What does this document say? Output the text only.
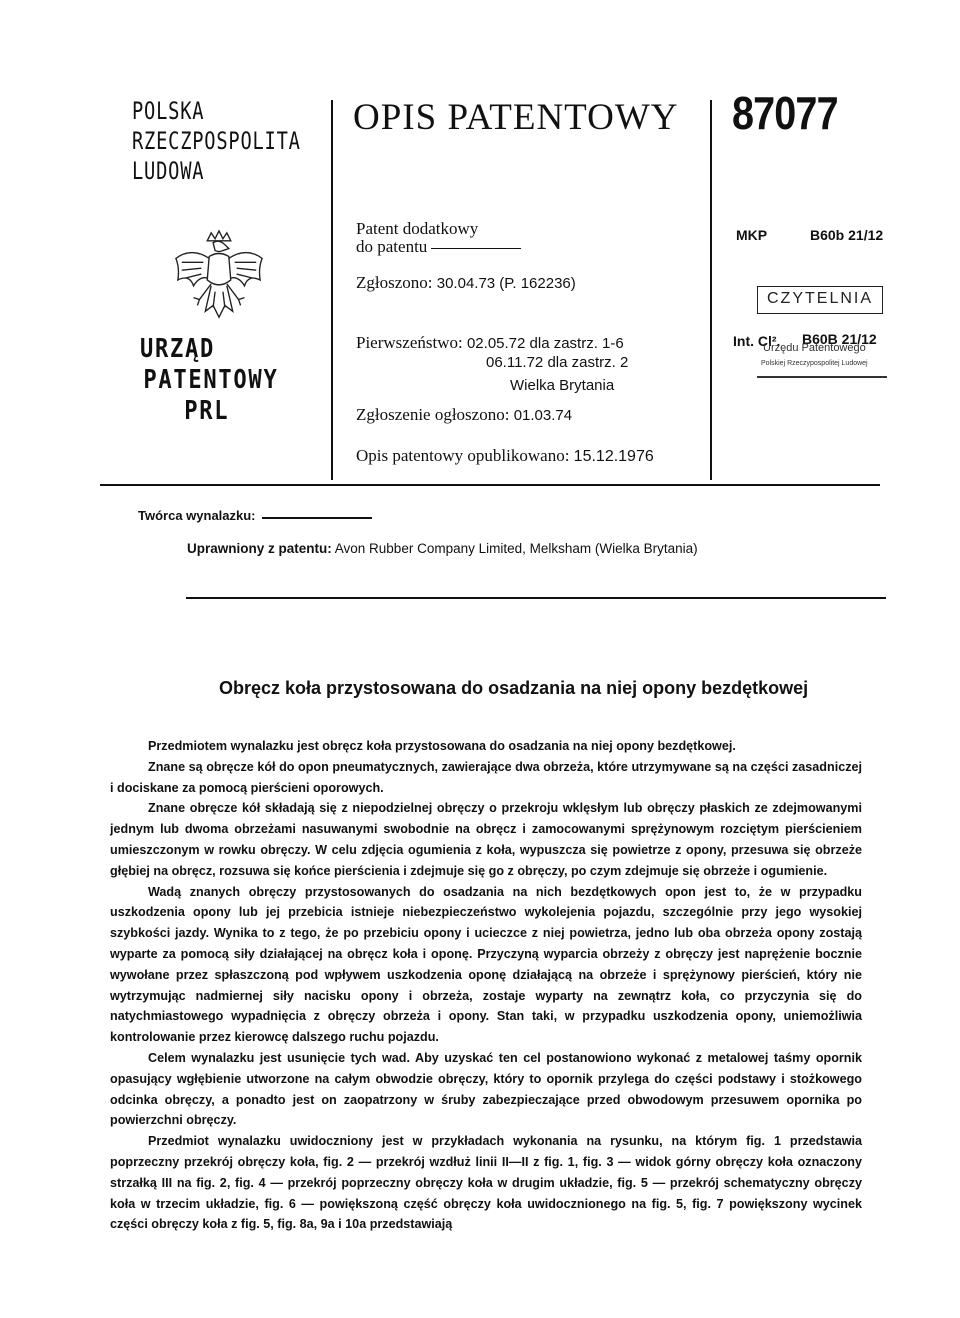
POLSKA
RZECZPOSPOLITA
LUDOWA
URZĄD
PATENTOWY
PRL
OPIS PATENTOWY
Patent dodatkowy
do patentu
Zgłoszono: 30.04.73 (P. 162236)
Pierwszeństwo: 02.05.72 dla zastrz. 1-6
06.11.72 dla zastrz. 2
Wielka Brytania
Zgłoszenie ogłoszono: 01.03.74
Opis patentowy opublikowano: 15.12.1976
87077
MKP	B60b 21/12
Int. Cl². B60B 21/12
CZYTELNIA
Urzędu Patentowego
Polskiej Rzeczypospolitej Ludowej
Twórca wynalazku:
Uprawniony z patentu: Avon Rubber Company Limited, Melksham (Wielka Brytania)
Obręcz koła przystosowana do osadzania na niej opony bezdętkowej

Przedmiotem wynalazku jest obręcz koła przystosowana do osadzania na niej opony bezdętkowej.

Znane są obręcze kół do opon pneumatycznych, zawierające dwa obrzeża, które utrzymywane są na części zasadniczej i dociskane za pomocą pierścieni oporowych.

Znane obręcze kół składają się z niepodzielnej obręczy o przekroju wklęsłym lub obręczy płaskich ze zdejmowanymi jednym lub dwoma obrzeżami nasuwanymi swobodnie na obręcz i zamocowanymi sprężynowym rozciętym pierścieniem umieszczonym w rowku obręczy. W celu zdjęcia ogumienia z koła, wypuszcza się powietrze z opony, przesuwa się obrzeże głębiej na obręcz, rozsuwa się końce pierścienia i zdejmuje się go z obręczy, po czym zdejmuje się obrzeże i ogumienie.

Wadą znanych obręczy przystosowanych do osadzania na nich bezdętkowych opon jest to, że w przypadku uszkodzenia opony lub jej przebicia istnieje niebezpieczeństwo wykolejenia pojazdu, szczególnie przy jego wysokiej szybkości jazdy. Wynika to z tego, że po przebiciu opony i ucieczce z niej powietrza, jedno lub oba obrzeża opony zostają wyparte za pomocą siły działającej na obręcz koła i oponę. Przyczyną wyparcia obrzeży z obręczy jest naprężenie bocznie wywołane przez spłaszczoną pod wpływem uszkodzenia oponę działającą na obrzeże i sprężynowy pierścień, który nie wytrzymując nadmiernej siły nacisku opony i obrzeża, zostaje wyparty na zewnątrz koła, co przyczynia się do natychmiastowego wypadnięcia z obręczy obrzeża i opony. Stan taki, w przypadku uszkodzenia opony, uniemożliwia kontrolowanie przez kierowcę dalszego ruchu pojazdu.

Celem wynalazku jest usunięcie tych wad. Aby uzyskać ten cel postanowiono wykonać z metalowej taśmy opornik opasujący wgłębienie utworzone na całym obwodzie obręczy, który to opornik przylega do części podstawy i stożkowego odcinka obręczy, a ponadto jest on zaopatrzony w śruby zabezpieczające przed obwodowym przesuwem opornika po powierzchni obręczy.

Przedmiot wynalazku uwidoczniony jest w przykładach wykonania na rysunku, na którym fig. 1 przedstawia poprzeczny przekrój obręczy koła, fig. 2 — przekrój wzdłuż linii II—II z fig. 1, fig. 3 — widok górny obręczy koła oznaczony strzałką III na fig. 2, fig. 4 — przekrój poprzeczny obręczy koła w drugim układzie, fig. 5 — przekrój schematyczny obręczy koła w trzecim układzie, fig. 6 — powiększoną część obręczy koła uwidocznionego na fig. 5, fig. 7 powiększony wycinek części obręczy koła z fig. 5, fig. 8a, 9a i 10a przedstawiają
